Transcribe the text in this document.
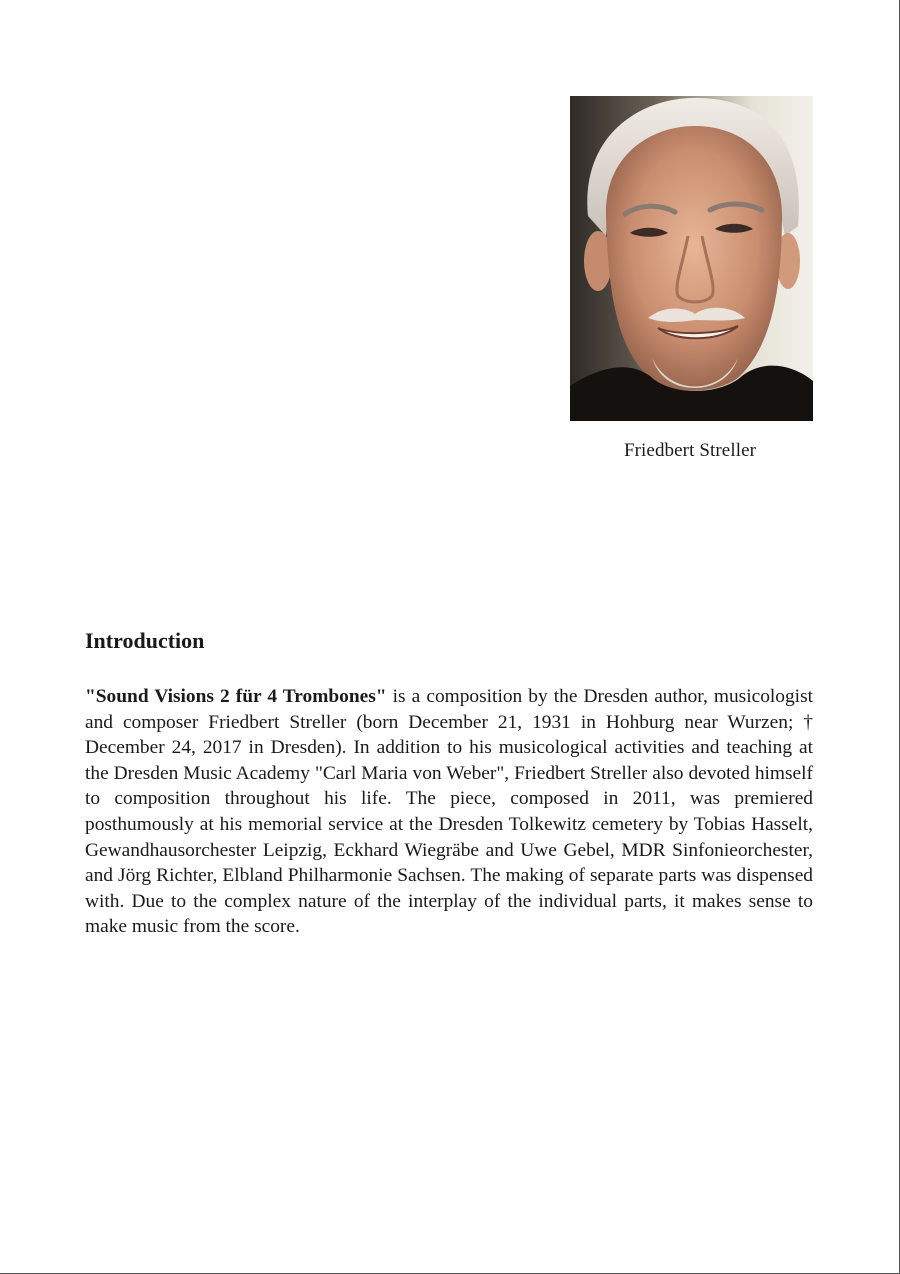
Friedbert Streller
Introduction

"Sound Visions 2 für 4 Trombones" is a composition by the Dresden author, musicologist and composer Friedbert Streller (born December 21, 1931 in Hohburg near Wurzen; † December 24, 2017 in Dresden). In addition to his musicological activities and teaching at the Dresden Music Academy "Carl Maria von Weber", Friedbert Streller also devoted himself to composition throughout his life. The piece, composed in 2011, was premiered posthumously at his memorial service at the Dresden Tolkewitz cemetery by Tobias Hasselt, Gewandhausorchester Leipzig, Eckhard Wiegräbe and Uwe Gebel, MDR Sinfonieorchester, and Jörg Richter, Elbland Philharmonie Sachsen. The making of separate parts was dispensed with. Due to the complex nature of the interplay of the individual parts, it makes sense to make music from the score.
